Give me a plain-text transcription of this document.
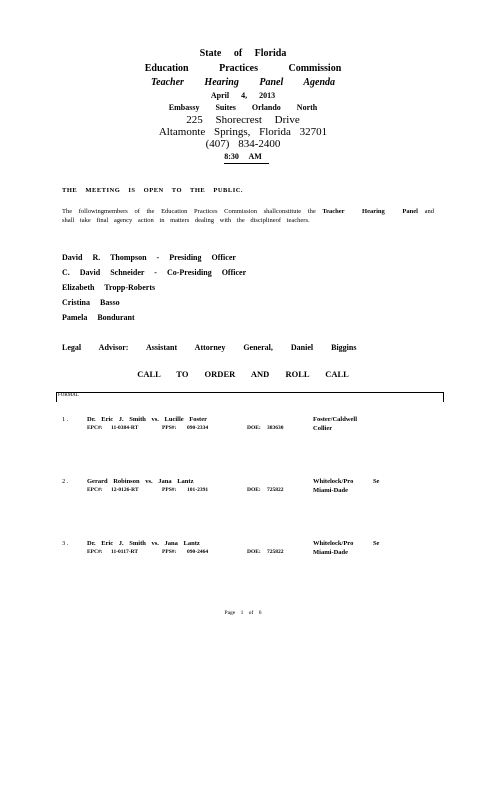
State of Florida
Education Practices Commission
Teacher Hearing Panel Agenda
April 4, 2013
Embassy Suites Orlando North
225 Shorecrest Drive
Altamonte Springs, Florida 32701
(407) 834-2400
8:30 AM
THE MEETING IS OPEN TO THE PUBLIC.
The followingmembers of the Education Practices Commission shallconstitute the Teacher Hearing Panel and
shall take final agency action in matters dealing with the disciplineof teachers.
David R. Thompson - Presiding Officer
C. David Schneider - Co-Presiding Officer
Elizabeth Tropp-Roberts
Cristina Basso
Pamela Bondurant
Legal Advisor: Assistant Attorney General, Daniel Biggins
CALL TO ORDER AND ROLL CALL
FORMAL
1 .	Dr. Eric J. Smith vs. Lucille Foster
EPC#: 11-0384-RT	PPS#: 090-2334	DOE: 383630
Foster/Caldwell
Collier
2 .	Gerard Robinson vs. Jana Lantz
EPC#: 12-0126-RT	PPS#: 101-2391	DOE: 725822
Whitelock/Pro Se
Miami-Dade
3 .	Dr. Eric J. Smith vs. Jana Lantz
EPC#: 11-0117-RT	PPS#: 090-2464	DOE: 725822
Whitelock/Pro Se
Miami-Dade
Page 1 of 6
